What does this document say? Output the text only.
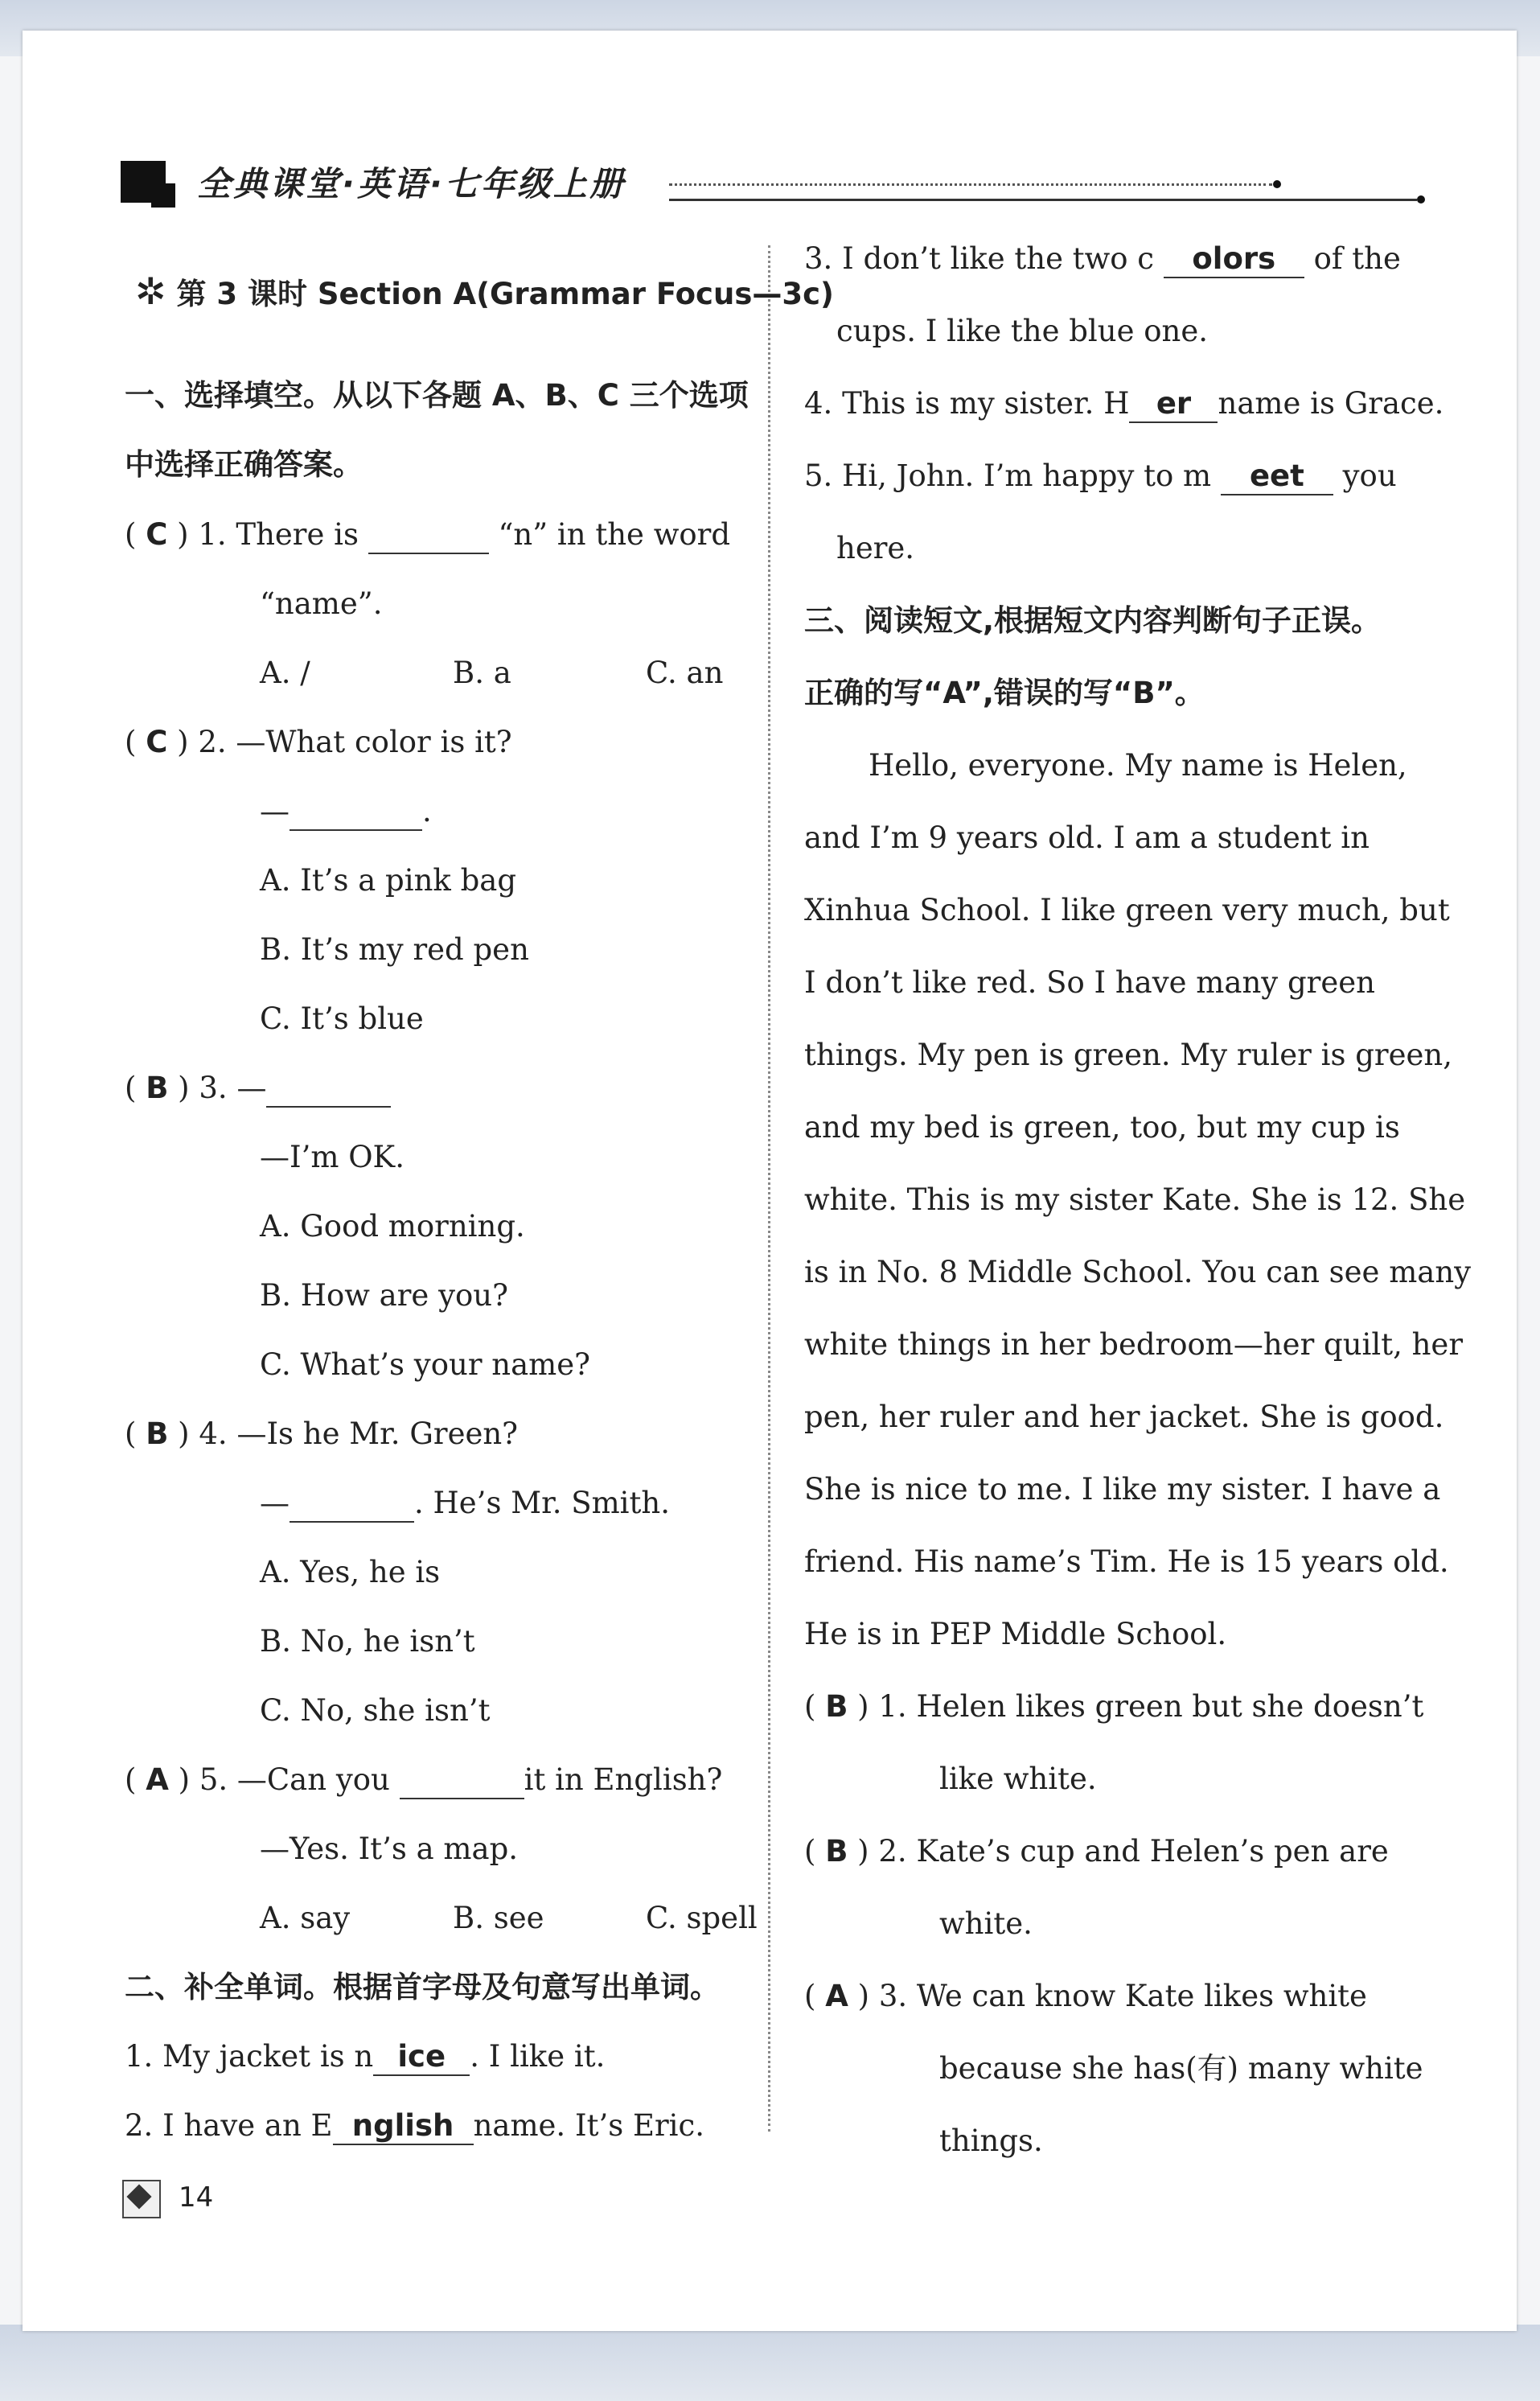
全典课堂·英语·七年级上册
✲ 第 3 课时 Section A(Grammar Focus—3c)
一、选择填空。从以下各题 A、B、C 三个选项
中选择正确答案。
( C ) 1. There is	“n” in the word
“name”.
A. /	B. a	C. an
( C ) 2. —What color is it?
—	.
A. It’s a pink bag
B. It’s my red pen
C. It’s blue
( B ) 3. —
—I’m OK.
A. Good morning.
B. How are you?
C. What’s your name?
( B ) 4. —Is he Mr. Green?
—	. He’s Mr. Smith.
A. Yes, he is
B. No, he isn’t
C. No, she isn’t
( A ) 5. —Can you	it in English?
—Yes. It’s a map.
A. say	B. see	C. spell
二、补全单词。根据首字母及句意写出单词。
1. My jacket is n ice . I like it.
2. I have an E nglish name. It’s Eric.
3. I don’t like the two c olors of the
cups. I like the blue one.
4. This is my sister. H er name is Grace.
5. Hi, John. I’m happy to m eet you
here.
三、阅读短文,根据短文内容判断句子正误。
正确的写“A”,错误的写“B”。
Hello, everyone. My name is Helen,
and I’m 9 years old. I am a student in
Xinhua School. I like green very much, but
I don’t like red. So I have many green
things. My pen is green. My ruler is green,
and my bed is green, too, but my cup is
white. This is my sister Kate. She is 12. She
is in No. 8 Middle School. You can see many
white things in her bedroom—her quilt, her
pen, her ruler and her jacket. She is good.
She is nice to me. I like my sister. I have a
friend. His name’s Tim. He is 15 years old.
He is in PEP Middle School.
( B ) 1. Helen likes green but she doesn’t
like white.
( B ) 2. Kate’s cup and Helen’s pen are
white.
( A ) 3. We can know Kate likes white
because she has(有) many white
things.
14
